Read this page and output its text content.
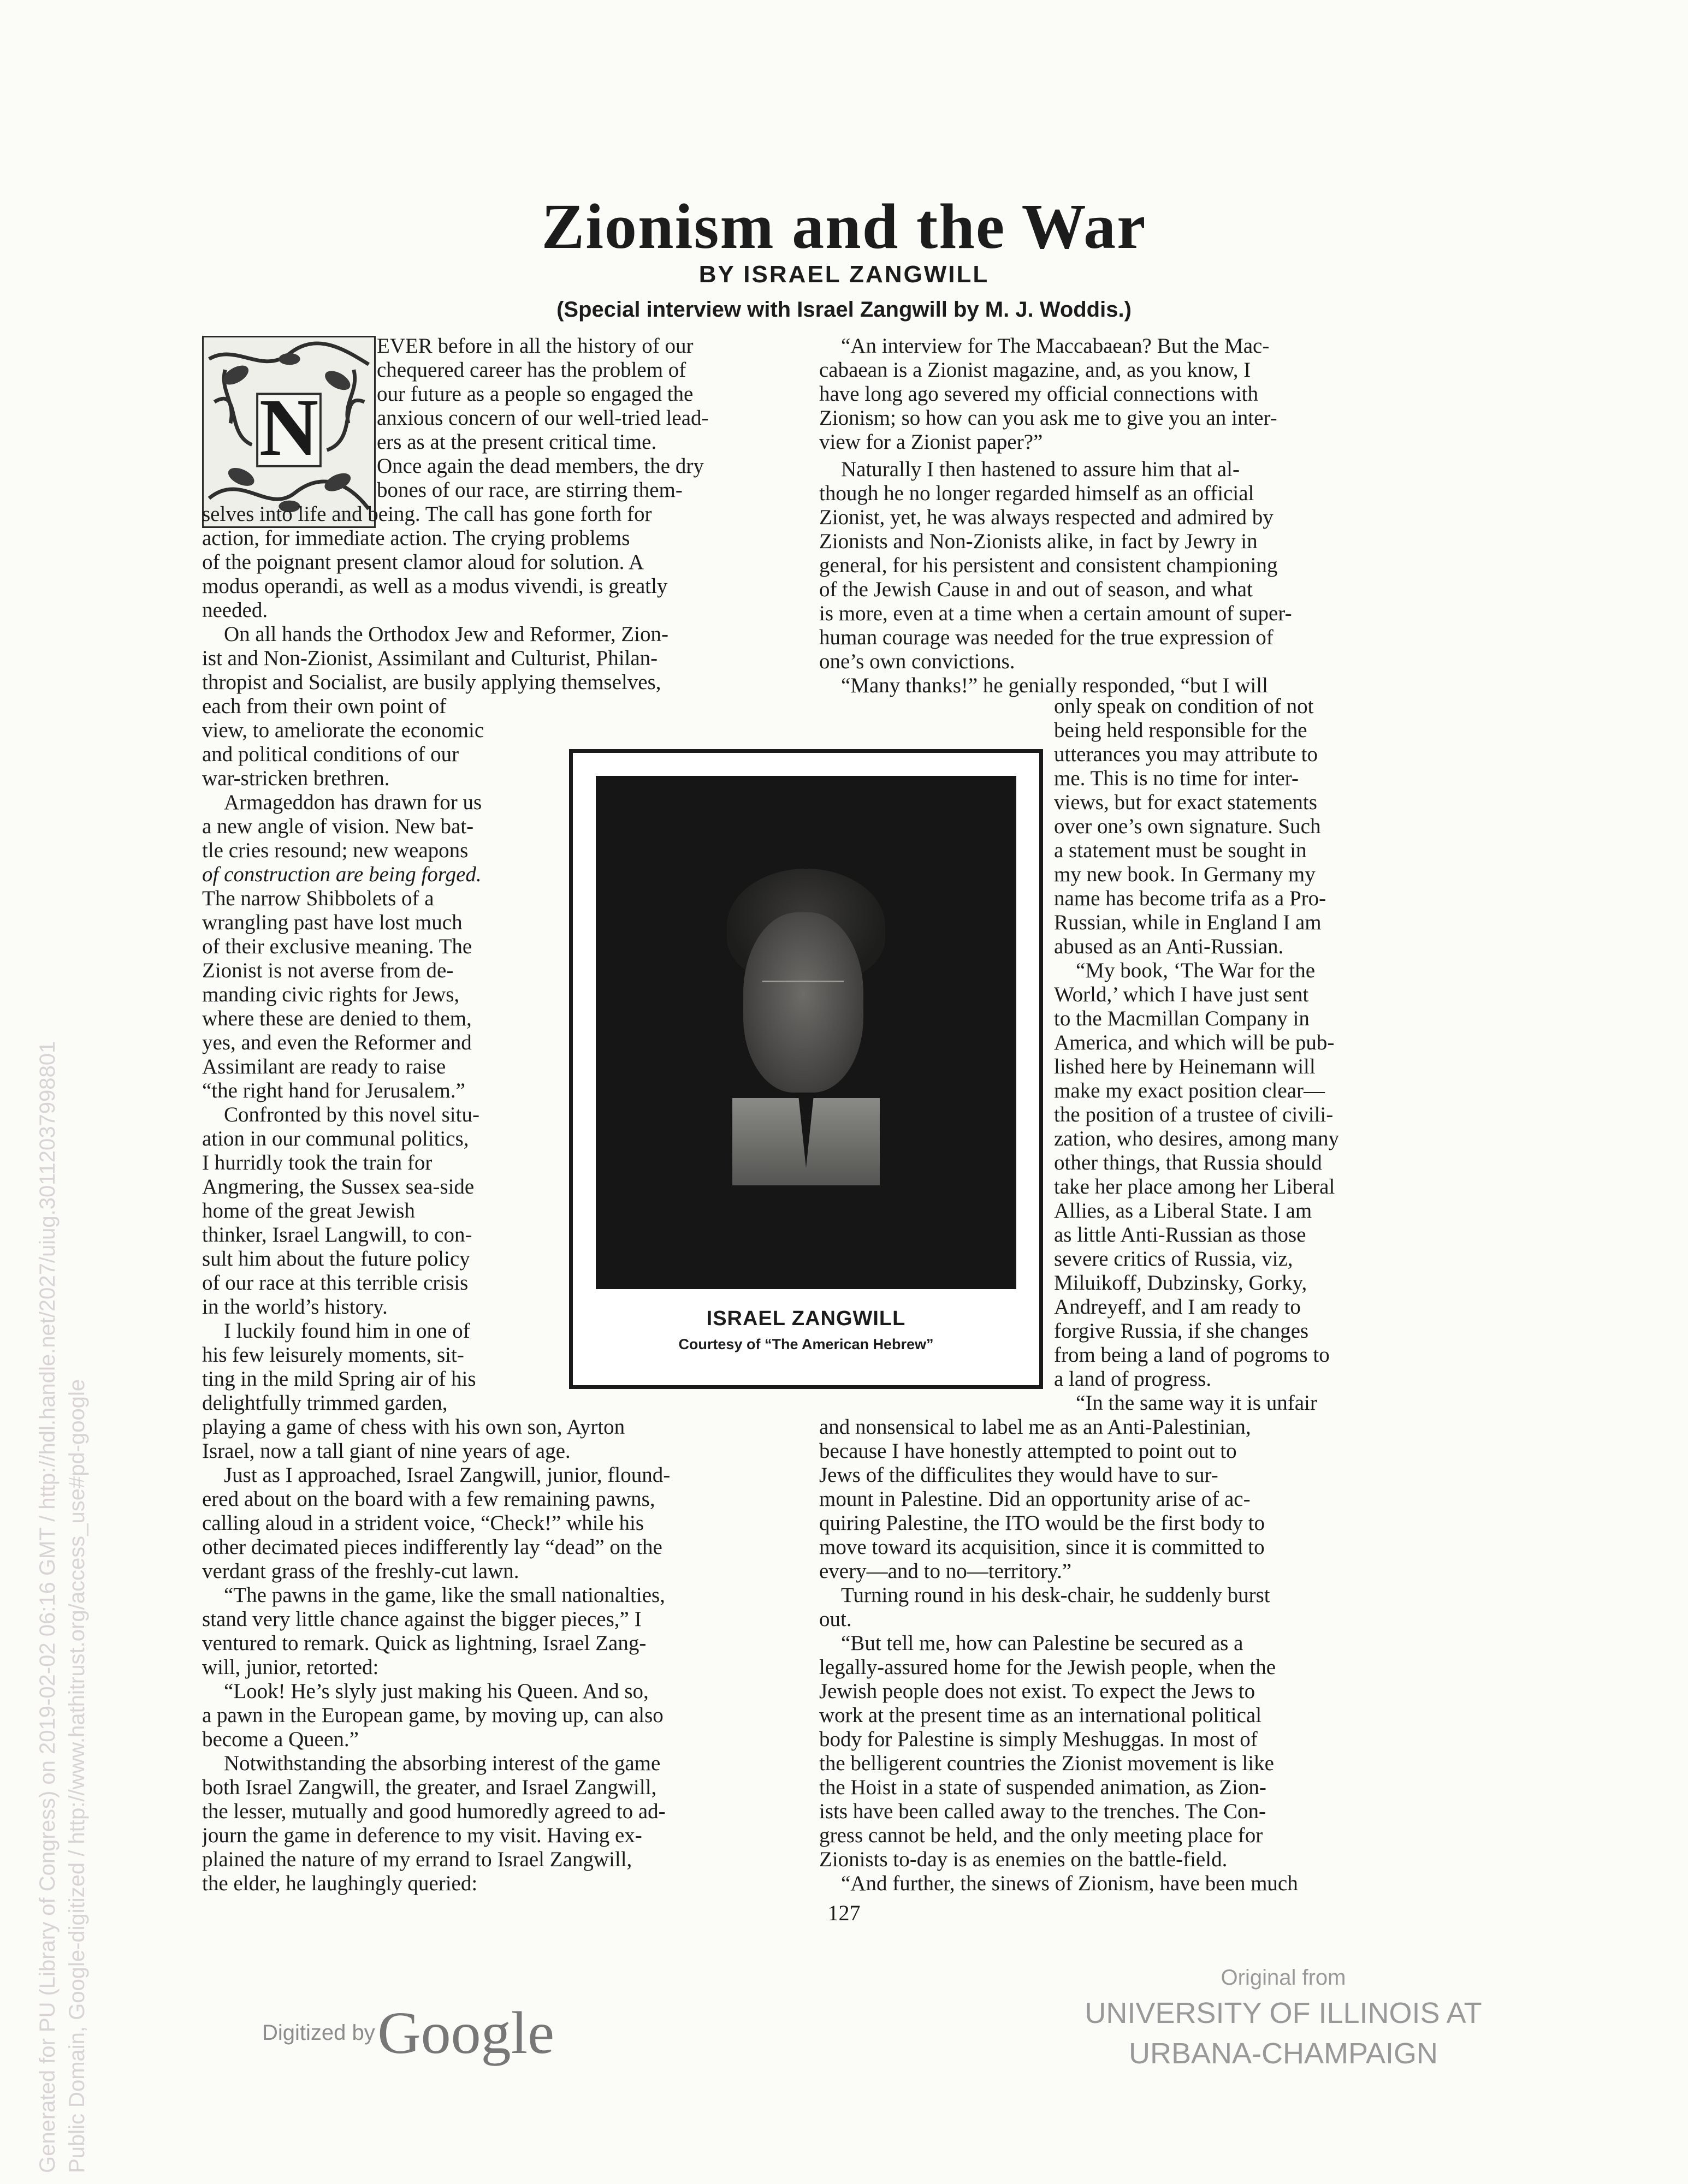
Zionism and the War
BY ISRAEL ZANGWILL
(Special interview with Israel Zangwill by M. J. Woddis.)
N

EVER before in all the history of our

chequered career has the problem of

our future as a people so engaged the

anxious concern of our well-tried lead-

ers as at the present critical time.

Once again the dead members, the dry

bones of our race, are stirring them-

selves into life and being. The call has gone forth for

action, for immediate action. The crying problems

of the poignant present clamor aloud for solution. A

modus operandi, as well as a modus vivendi, is greatly

needed.

On all hands the Orthodox Jew and Reformer, Zion-

ist and Non-Zionist, Assimilant and Culturist, Philan-

thropist and Socialist, are busily applying themselves,

each from their own point of

view, to ameliorate the economic

and political conditions of our

war-stricken brethren.

Armageddon has drawn for us

a new angle of vision. New bat-

tle cries resound; new weapons

of construction are being forged.

The narrow Shibbolets of a

wrangling past have lost much

of their exclusive meaning. The

Zionist is not averse from de-

manding civic rights for Jews,

where these are denied to them,

yes, and even the Reformer and

Assimilant are ready to raise

“the right hand for Jerusalem.”

Confronted by this novel situ-

ation in our communal politics,

I hurridly took the train for

Angmering, the Sussex sea-side

home of the great Jewish

thinker, Israel Langwill, to con-

sult him about the future policy

of our race at this terrible crisis

in the world’s history.

I luckily found him in one of

his few leisurely moments, sit-

ting in the mild Spring air of his

delightfully trimmed garden,

playing a game of chess with his own son, Ayrton

Israel, now a tall giant of nine years of age.

Just as I approached, Israel Zangwill, junior, flound-

ered about on the board with a few remaining pawns,

calling aloud in a strident voice, “Check!” while his

other decimated pieces indifferently lay “dead” on the

verdant grass of the freshly-cut lawn.

“The pawns in the game, like the small nationalties,

stand very little chance against the bigger pieces,” I

ventured to remark. Quick as lightning, Israel Zang-

will, junior, retorted:

“Look! He’s slyly just making his Queen. And so,

a pawn in the European game, by moving up, can also

become a Queen.”

Notwithstanding the absorbing interest of the game

both Israel Zangwill, the greater, and Israel Zangwill,

the lesser, mutually and good humoredly agreed to ad-

journ the game in deference to my visit. Having ex-

plained the nature of my errand to Israel Zangwill,

the elder, he laughingly queried:

“An interview for The Maccabaean? But the Mac-

cabaean is a Zionist magazine, and, as you know, I

have long ago severed my official connections with

Zionism; so how can you ask me to give you an inter-

view for a Zionist paper?”

Naturally I then hastened to assure him that al-

though he no longer regarded himself as an official

Zionist, yet, he was always respected and admired by

Zionists and Non-Zionists alike, in fact by Jewry in

general, for his persistent and consistent championing

of the Jewish Cause in and out of season, and what

is more, even at a time when a certain amount of super-

human courage was needed for the true expression of

one’s own convictions.

“Many thanks!” he genially responded, “but I will

only speak on condition of not

being held responsible for the

utterances you may attribute to

me. This is no time for inter-

views, but for exact statements

over one’s own signature. Such

a statement must be sought in

my new book. In Germany my

name has become trifa as a Pro-

Russian, while in England I am

abused as an Anti-Russian.

“My book, ‘The War for the

World,’ which I have just sent

to the Macmillan Company in

America, and which will be pub-

lished here by Heinemann will

make my exact position clear—

the position of a trustee of civili-

zation, who desires, among many

other things, that Russia should

take her place among her Liberal

Allies, as a Liberal State. I am

as little Anti-Russian as those

severe critics of Russia, viz,

Miluikoff, Dubzinsky, Gorky,

Andreyeff, and I am ready to

forgive Russia, if she changes

from being a land of pogroms to

a land of progress.

“In the same way it is unfair

and nonsensical to label me as an Anti-Palestinian,

because I have honestly attempted to point out to

Jews of the difficulites they would have to sur-

mount in Palestine. Did an opportunity arise of ac-

quiring Palestine, the ITO would be the first body to

move toward its acquisition, since it is committed to

every—and to no—territory.”

Turning round in his desk-chair, he suddenly burst

out.

“But tell me, how can Palestine be secured as a

legally-assured home for the Jewish people, when the

Jewish people does not exist. To expect the Jews to

work at the present time as an international political

body for Palestine is simply Meshuggas. In most of

the belligerent countries the Zionist movement is like

the Hoist in a state of suspended animation, as Zion-

ists have been called away to the trenches. The Con-

gress cannot be held, and the only meeting place for

Zionists to-day is as enemies on the battle-field.

“And further, the sinews of Zionism, have been much

ISRAEL ZANGWILL
Courtesy of “The American Hebrew”
127
Digitized by Google
Original from
UNIVERSITY OF ILLINOIS AT
URBANA-CHAMPAIGN
Generated for PU (Library of Congress) on 2019-02-02 06:16 GMT / http://hdl.handle.net/2027/uiug.30112037998801 Public Domain, Google-digitized / http://www.hathitrust.org/access_use#pd-google
